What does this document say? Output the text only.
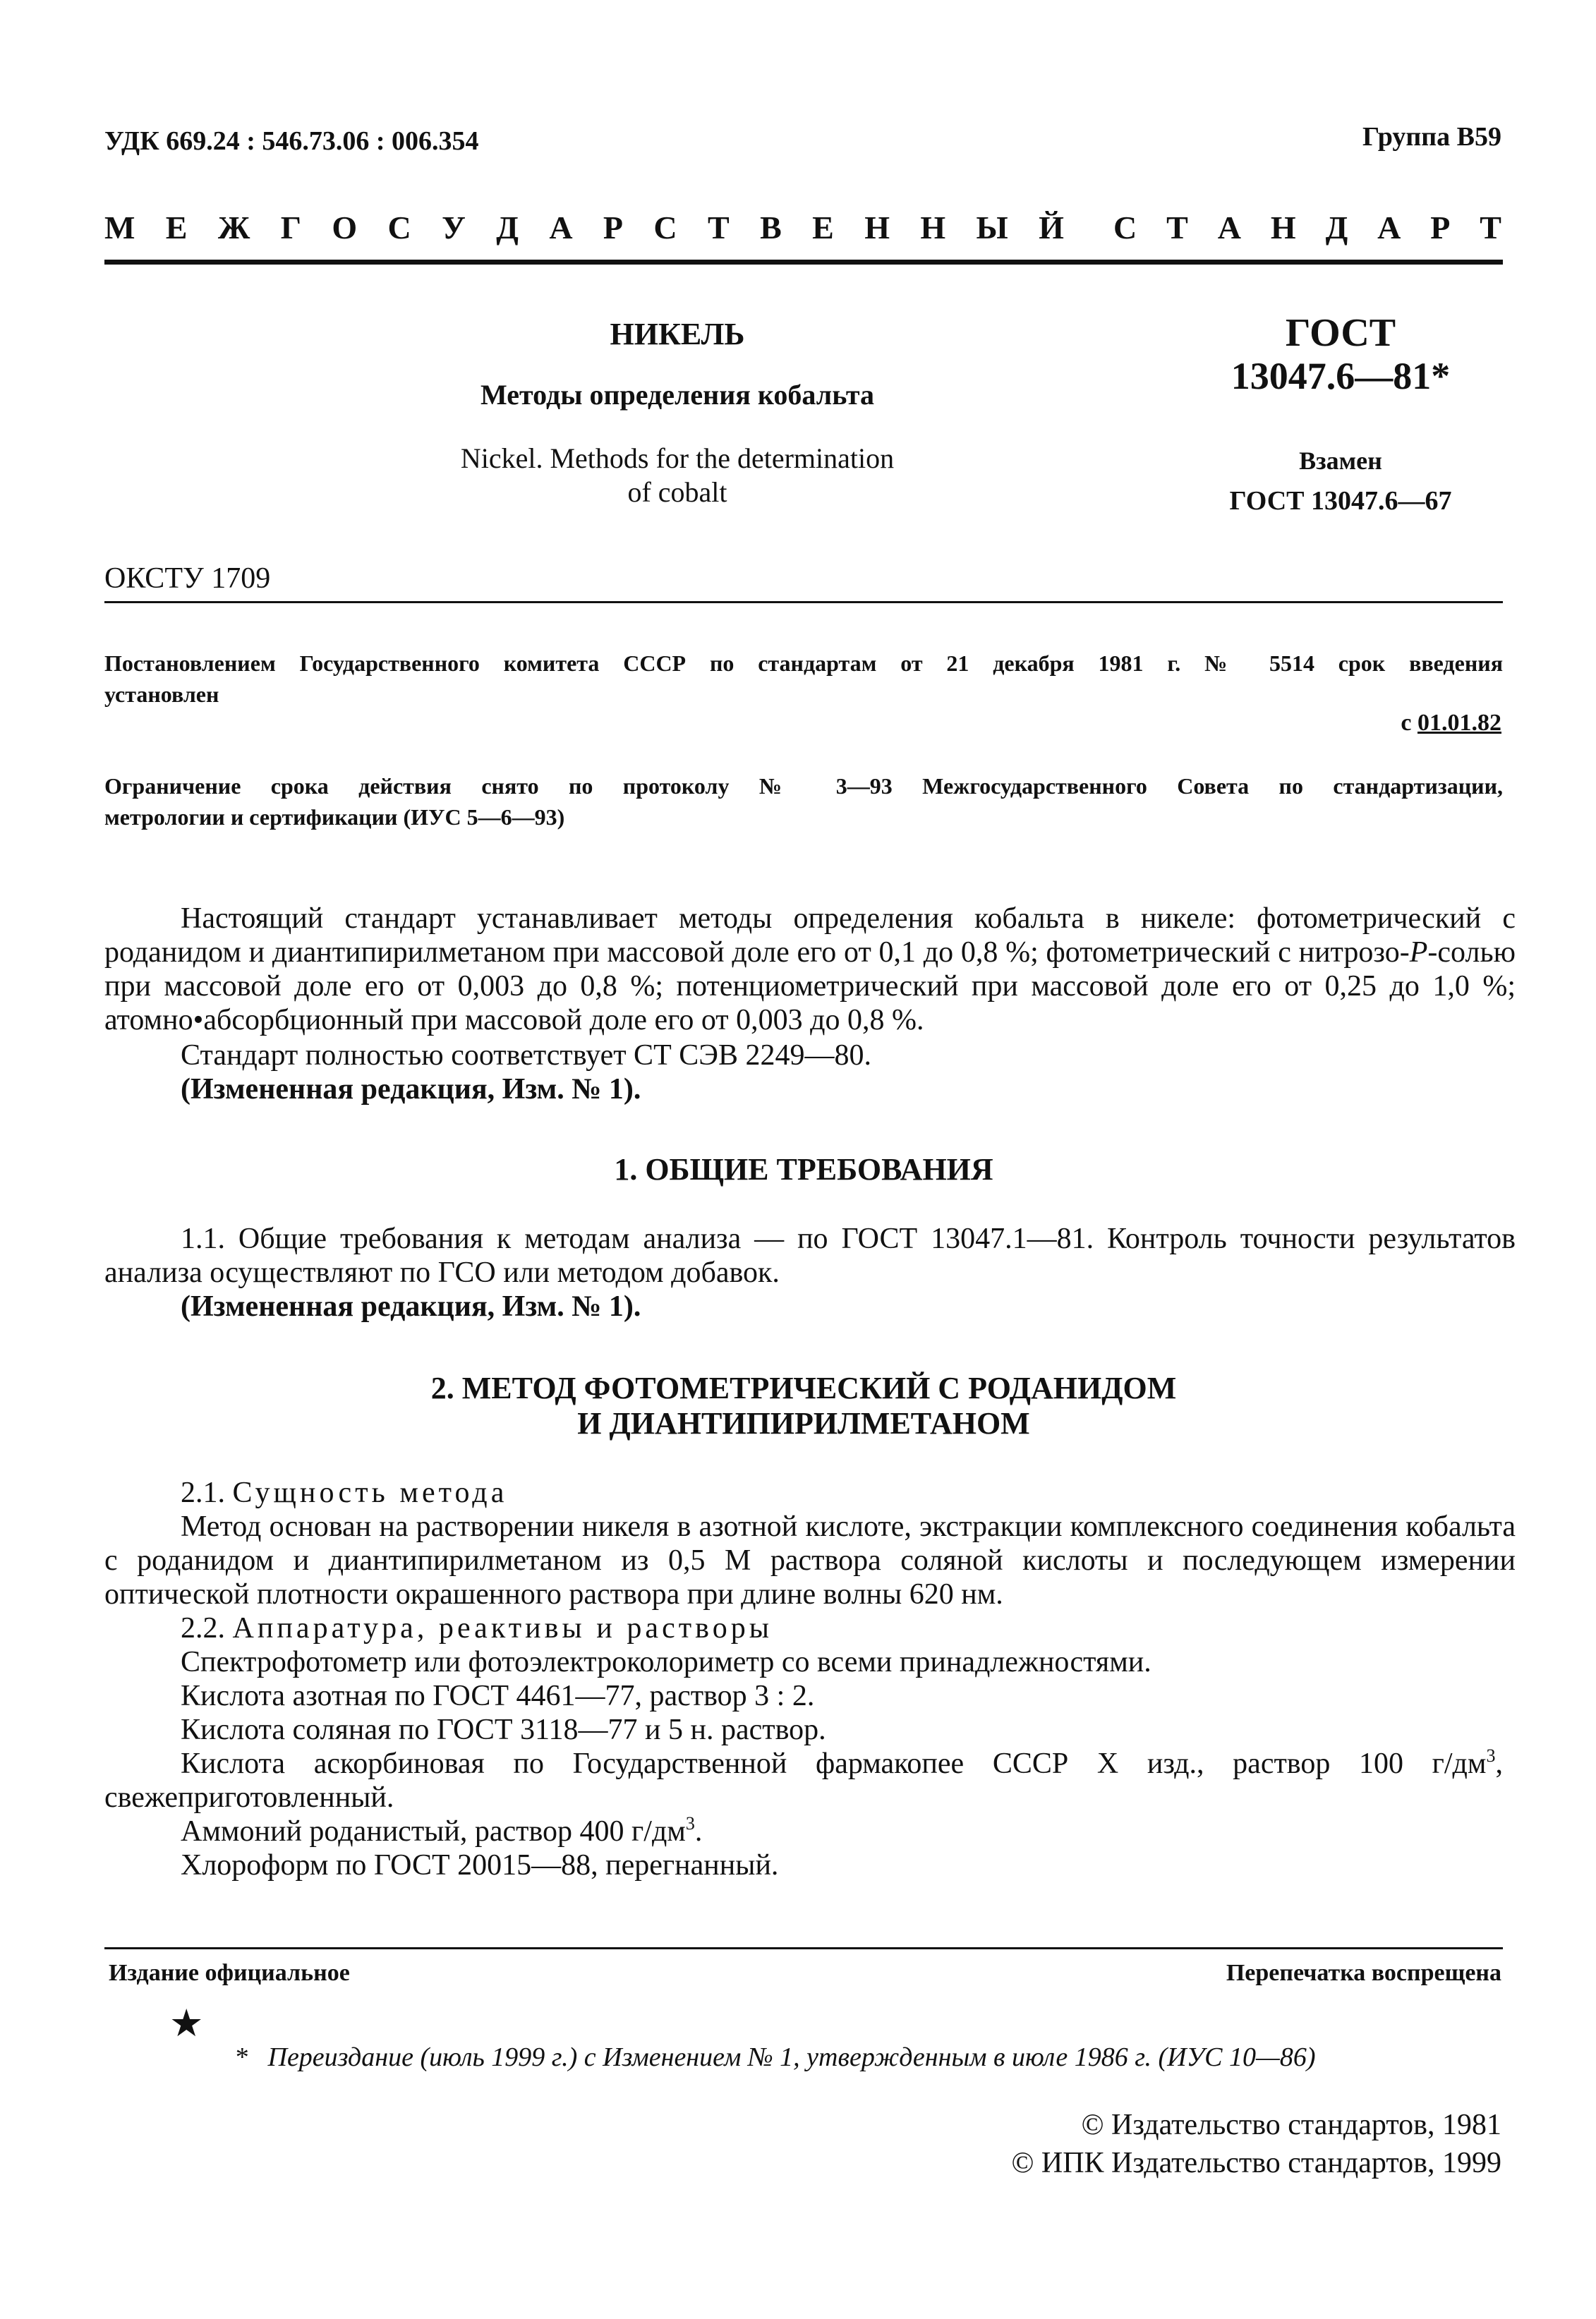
УДК 669.24 : 546.73.06 : 006.354	Группа В59
М Е Ж Г О С У Д А Р С Т В Е Н Н Ы Й С Т А Н Д А Р Т
НИКЕЛЬ
Методы определения кобальта
Nickel. Methods for the determination
of cobalt
ГОСТ
13047.6—81*
Взамен
ГОСТ 13047.6—67
ОКСТУ 1709
Постановлением Государственного комитета СССР по стандартам от 21 декабря 1981 г. № 5514 срок введения
установлен
с 01.01.82
Ограничение срока действия снято по протоколу № 3—93 Межгосударственного Совета по стандартизации,
метрологии и сертификации (ИУС 5—6—93)
Настоящий стандарт устанавливает методы определения кобальта в никеле: фотометрический с роданидом и диантипирилметаном при массовой доле его от 0,1 до 0,8 %; фотометрический с нитрозо-Р-солью при массовой доле его от 0,003 до 0,8 %; потенциометрический при массовой доле его от 0,25 до 1,0 %; атомно•абсорбционный при массовой доле его от 0,003 до 0,8 %.
Стандарт полностью соответствует СТ СЭВ 2249—80.
(Измененная редакция, Изм. № 1).
1. ОБЩИЕ ТРЕБОВАНИЯ
1.1. Общие требования к методам анализа — по ГОСТ 13047.1—81. Контроль точности результатов анализа осуществляют по ГСО или методом добавок.
(Измененная редакция, Изм. № 1).
2. МЕТОД ФОТОМЕТРИЧЕСКИЙ С РОДАНИДОМ
И ДИАНТИПИРИЛМЕТАНОМ
2.1. Сущность метода
Метод основан на растворении никеля в азотной кислоте, экстракции комплексного соединения кобальта с роданидом и диантипирилметаном из 0,5 М раствора соляной кислоты и последующем измерении оптической плотности окрашенного раствора при длине волны 620 нм.
2.2. Аппаратура, реактивы и растворы
Спектрофотометр или фотоэлектроколориметр со всеми принадлежностями.
Кислота азотная по ГОСТ 4461—77, раствор 3 : 2.
Кислота соляная по ГОСТ 3118—77 и 5 н. раствор.
Кислота аскорбиновая по Государственной фармакопее СССР X изд., раствор 100 $г/дм^3$,
свежеприготовленный.
Аммоний роданистый, раствор 400 $г/дм^3$.
Хлороформ по ГОСТ 20015—88, перегнанный.
Издание официальное	Перепечатка воспрещена
★
* Переиздание (июль 1999 г.) с Изменением № 1, утвержденным в июле 1986 г. (ИУС 10—86)
© Издательство стандартов, 1981
© ИПК Издательство стандартов, 1999
